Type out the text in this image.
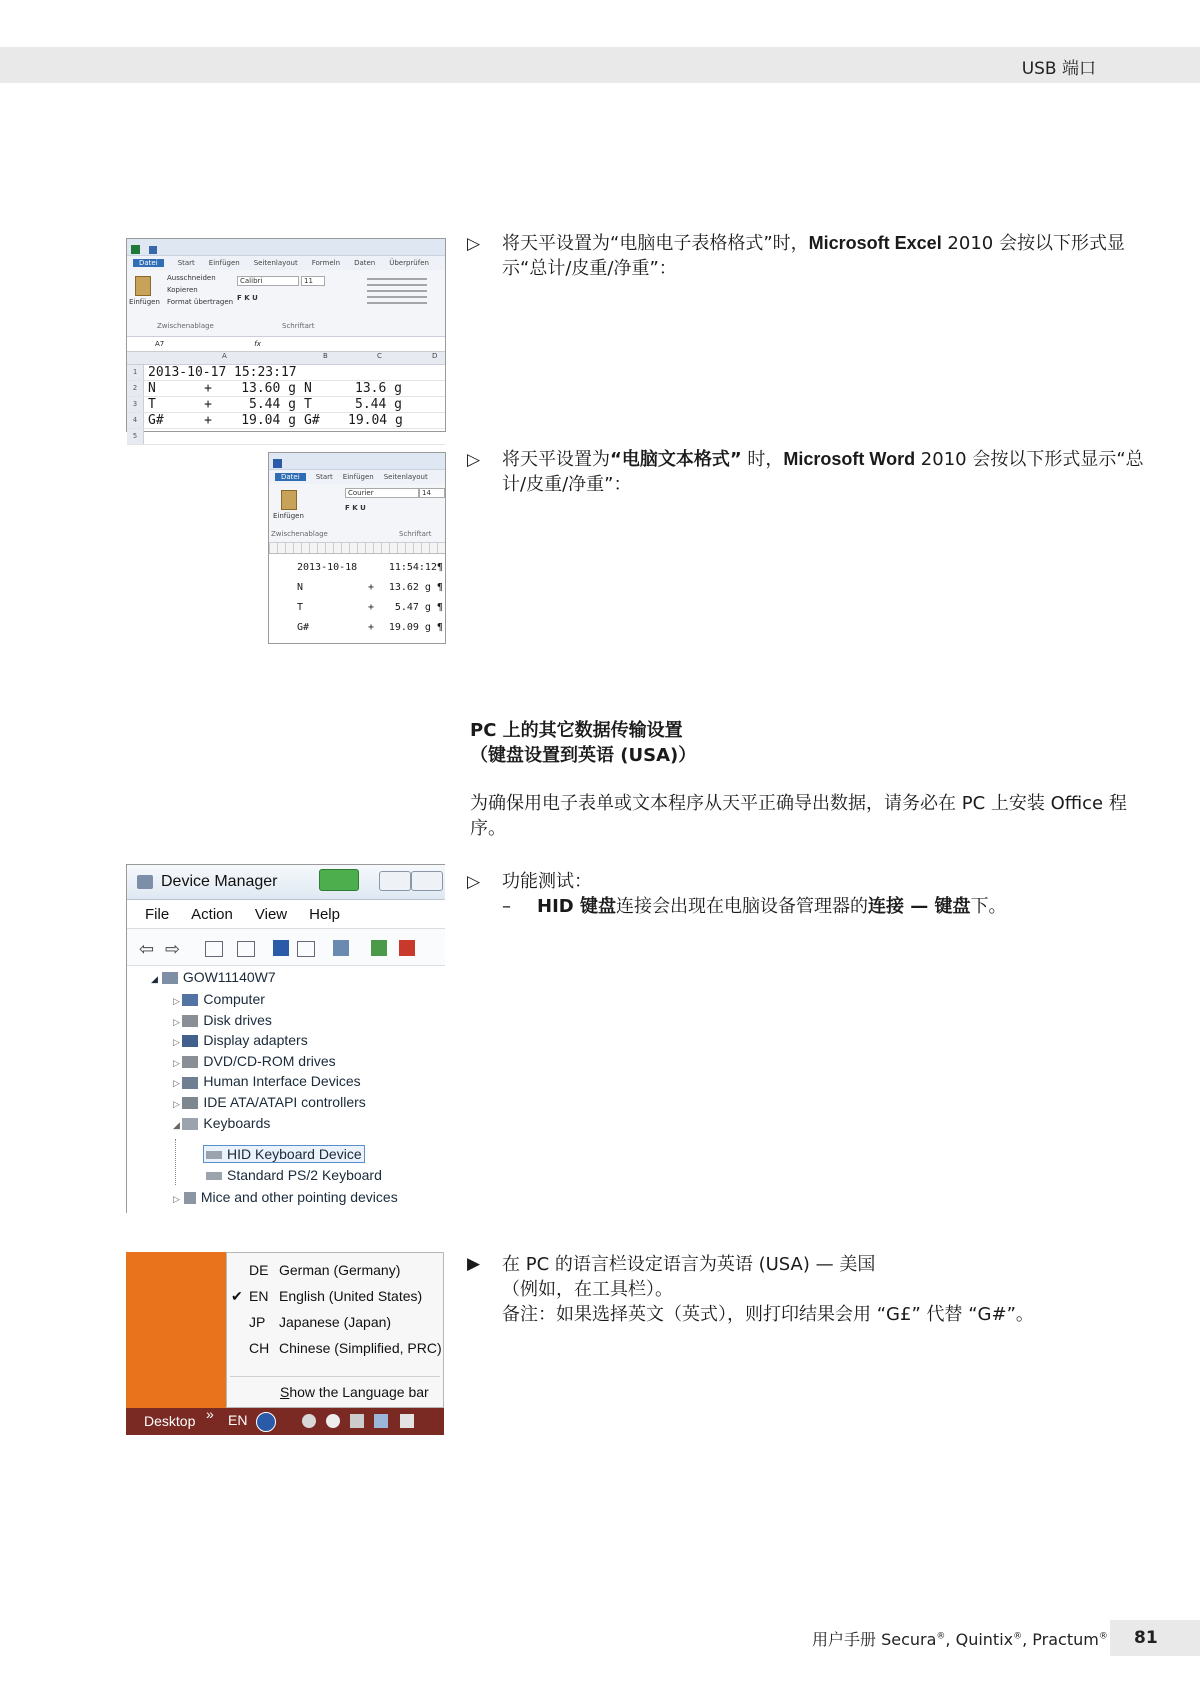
USB 端口

Datei	Start Einfügen Seitenlayout Formeln Daten Überprüfen
Einfügen
Ausschneiden
Kopieren
Format übertragen
Zwischenablage
Calibri	11
F K U
Schriftart
A7	fx
A	B	C	D
1 2013-10-17 15:23:17
2 N	+	13.60 g N	13.6 g
3 T	+	5.44 g T	5.44 g
4 G#	+	19.04 g G#	19.04 g
5
▷	将天平设置为“电脑电子表格格式”时，Microsoft Excel 2010 会按以下形式显示“总计/皮重/净重”：
Datei	Start Einfügen Seitenlayout
Einfügen
Courier	14
F K U
Zwischenablage	Schriftart
2013-10-18	11:54:12¶
N	+	13.62 g ¶
T	+	5.47 g ¶
G#	+	19.09 g ¶
▷	将天平设置为“电脑文本格式” 时，Microsoft Word 2010 会按以下形式显示“总计/皮重/净重”：
PC 上的其它数据传输设置
（键盘设置到英语 (USA)）
为确保用电子表单或文本程序从天平正确导出数据，请务必在 PC 上安装 Office 程序。
Device Manager
File Action View Help
⇦ ⇨
◢ GOW11140W7
▷ Computer
▷ Disk drives
▷ Display adapters
▷ DVD/CD-ROM drives
▷ Human Interface Devices
▷ IDE ATA/ATAPI controllers
◢ Keyboards
HID Keyboard Device
Standard PS/2 Keyboard
▷ Mice and other pointing devices
▷	功能测试：
– HID 键盘连接会出现在电脑设备管理器的连接 — 键盘下。
DE German (Germany)
✔ EN English (United States)
JP Japanese (Japan)
CH Chinese (Simplified, PRC)
Show the Language bar
Desktop » EN
▶	在 PC 的语言栏设定语言为英语 (USA) — 美国
（例如，在工具栏）。
备注：如果选择英文（英式），则打印结果会用 “G£” 代替 “G#”。
用户手册 Secura®, Quintix®, Practum® 81
